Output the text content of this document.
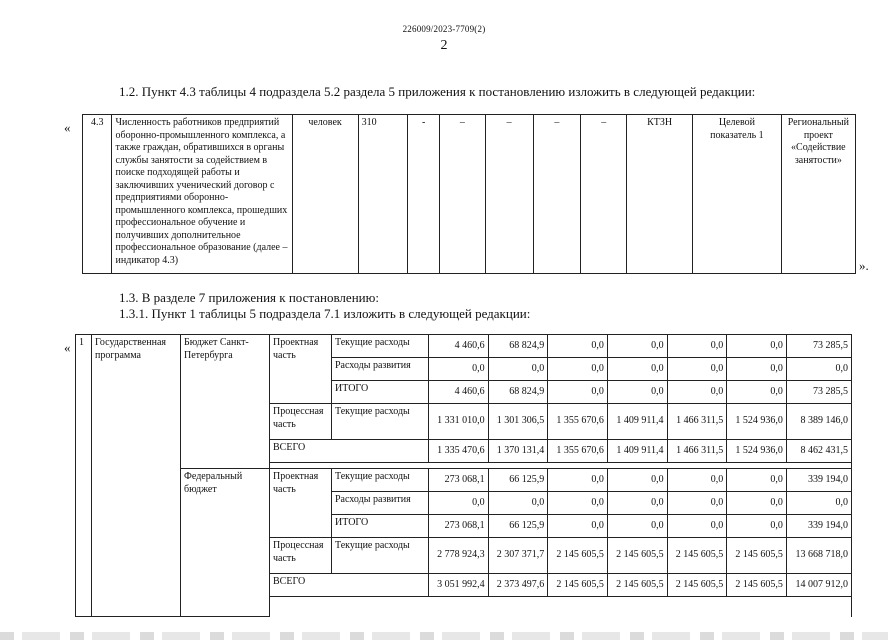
226009/2023-7709(2)
2
1.2. Пункт 4.3 таблицы 4 подраздела 5.2 раздела 5 приложения к постановлению изложить в следующей редакции:
« 4.3	Численность работников предприятий оборонно-промышленного комплекса, а также граждан, обратившихся в органы службы занятости за содействием в поиске подходящей работы и заключивших ученический договор с предприятиями оборонно-промышленного комплекса, прошедших профессиональное обучение и получивших дополнительное профессиональное образование (далее – индикатор 4.3)	человек	310	-	–	–	–	–	КТЗН	Целевой показатель 1	Региональный проект «Содействие занятости»
».
1.3. В разделе 7 приложения к постановлению:
1.3.1. Пункт 1 таблицы 5 подраздела 7.1 изложить в следующей редакции:
« 1	Государственная программа	Бюджет Санкт-Петербурга	Проектная часть	Текущие расходы	4 460,6	68 824,9	0,0	0,0	0,0	0,0	73 285,5
				Расходы развития	0,0	0,0	0,0	0,0	0,0	0,0	0,0
				ИТОГО	4 460,6	68 824,9	0,0	0,0	0,0	0,0	73 285,5
			Процессная часть	Текущие расходы	1 331 010,0	1 301 306,5	1 355 670,6	1 409 911,4	1 466 311,5	1 524 936,0	8 389 146,0
			ВСЕГО		1 335 470,6	1 370 131,4	1 355 670,6	1 409 911,4	1 466 311,5	1 524 936,0	8 462 431,5

		Федеральный бюджет	Проектная часть	Текущие расходы	273 068,1	66 125,9	0,0	0,0	0,0	0,0	339 194,0
				Расходы развития	0,0	0,0	0,0	0,0	0,0	0,0	0,0
				ИТОГО	273 068,1	66 125,9	0,0	0,0	0,0	0,0	339 194,0
			Процессная часть	Текущие расходы	2 778 924,3	2 307 371,7	2 145 605,5	2 145 605,5	2 145 605,5	2 145 605,5	13 668 718,0
			ВСЕГО		3 051 992,4	2 373 497,6	2 145 605,5	2 145 605,5	2 145 605,5	2 145 605,5	14 007 912,0
